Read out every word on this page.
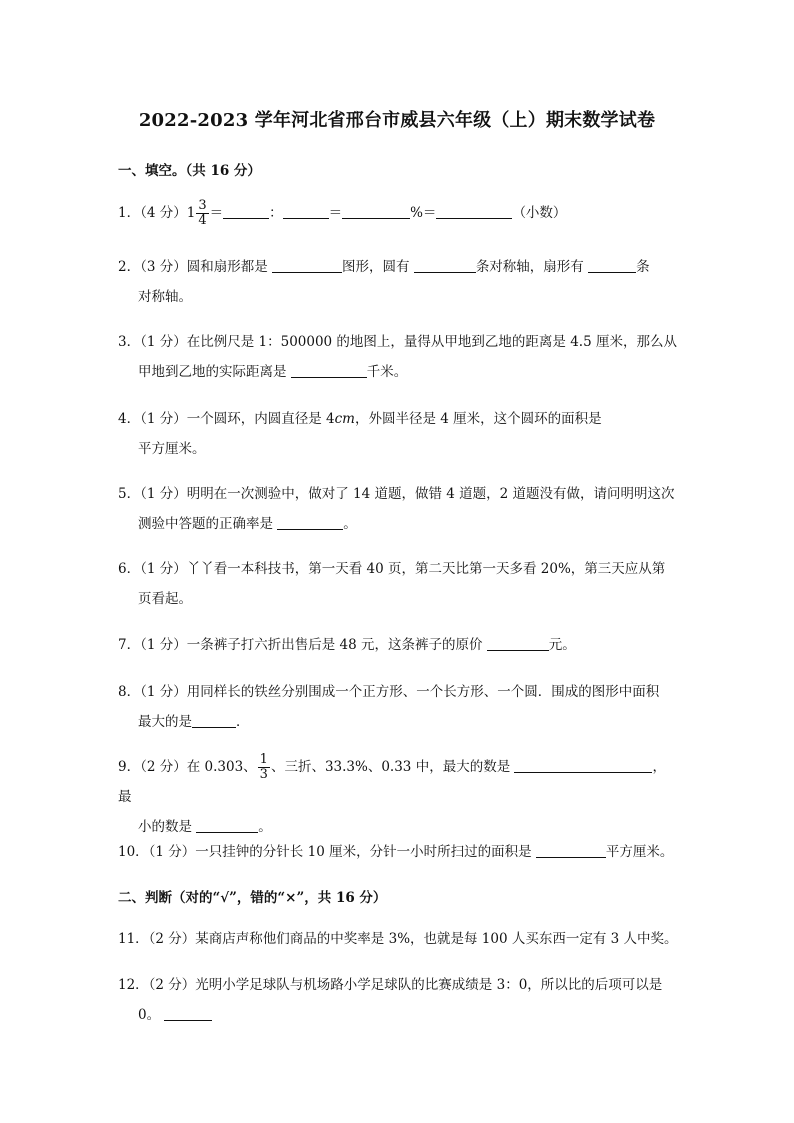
2022-2023 学年河北省邢台市威县六年级（上）期末数学试卷
一、填空。（共 16 分）
1．（4 分）$1 \frac{3}{4}$ ＝	：	＝	%＝	（小数）
2．（3 分）圆和扇形都是	图形，圆有	条对称轴，扇形有	条
对称轴。
3．（1 分）在比例尺是 1：500000 的地图上，量得从甲地到乙地的距离是 4.5 厘米，那么从
甲地到乙地的实际距离是	千米。
4．（1 分）一个圆环，内圆直径是 4cm，外圆半径是 4 厘米，这个圆环的面积是
平方厘米。
5．（1 分）明明在一次测验中，做对了 14 道题，做错 4 道题，2 道题没有做，请问明明这次
测验中答题的正确率是	。
6．（1 分）丫丫看一本科技书，第一天看 40 页，第二天比第一天多看 20%，第三天应从第
页看起。
7．（1 分）一条裤子打六折出售后是 48 元，这条裤子的原价	元。
8．（1 分）用同样长的铁丝分别围成一个正方形、一个长方形、一个圆．围成的图形中面积
最大的是	．
9．（2 分）在 0.303、 $\frac{1}{3}$ 、三折、33.3%、0.33 中，最大的数是	，最
小的数是	。
10．（1 分）一只挂钟的分针长 10 厘米，分针一小时所扫过的面积是	平方厘米。
二、判断（对的“√”，错的“×”，共 16 分）
11．（2 分）某商店声称他们商品的中奖率是 3%，也就是每 100 人买东西一定有 3 人中奖。
12．（2 分）光明小学足球队与机场路小学足球队的比赛成绩是 3：0，所以比的后项可以是
0。
